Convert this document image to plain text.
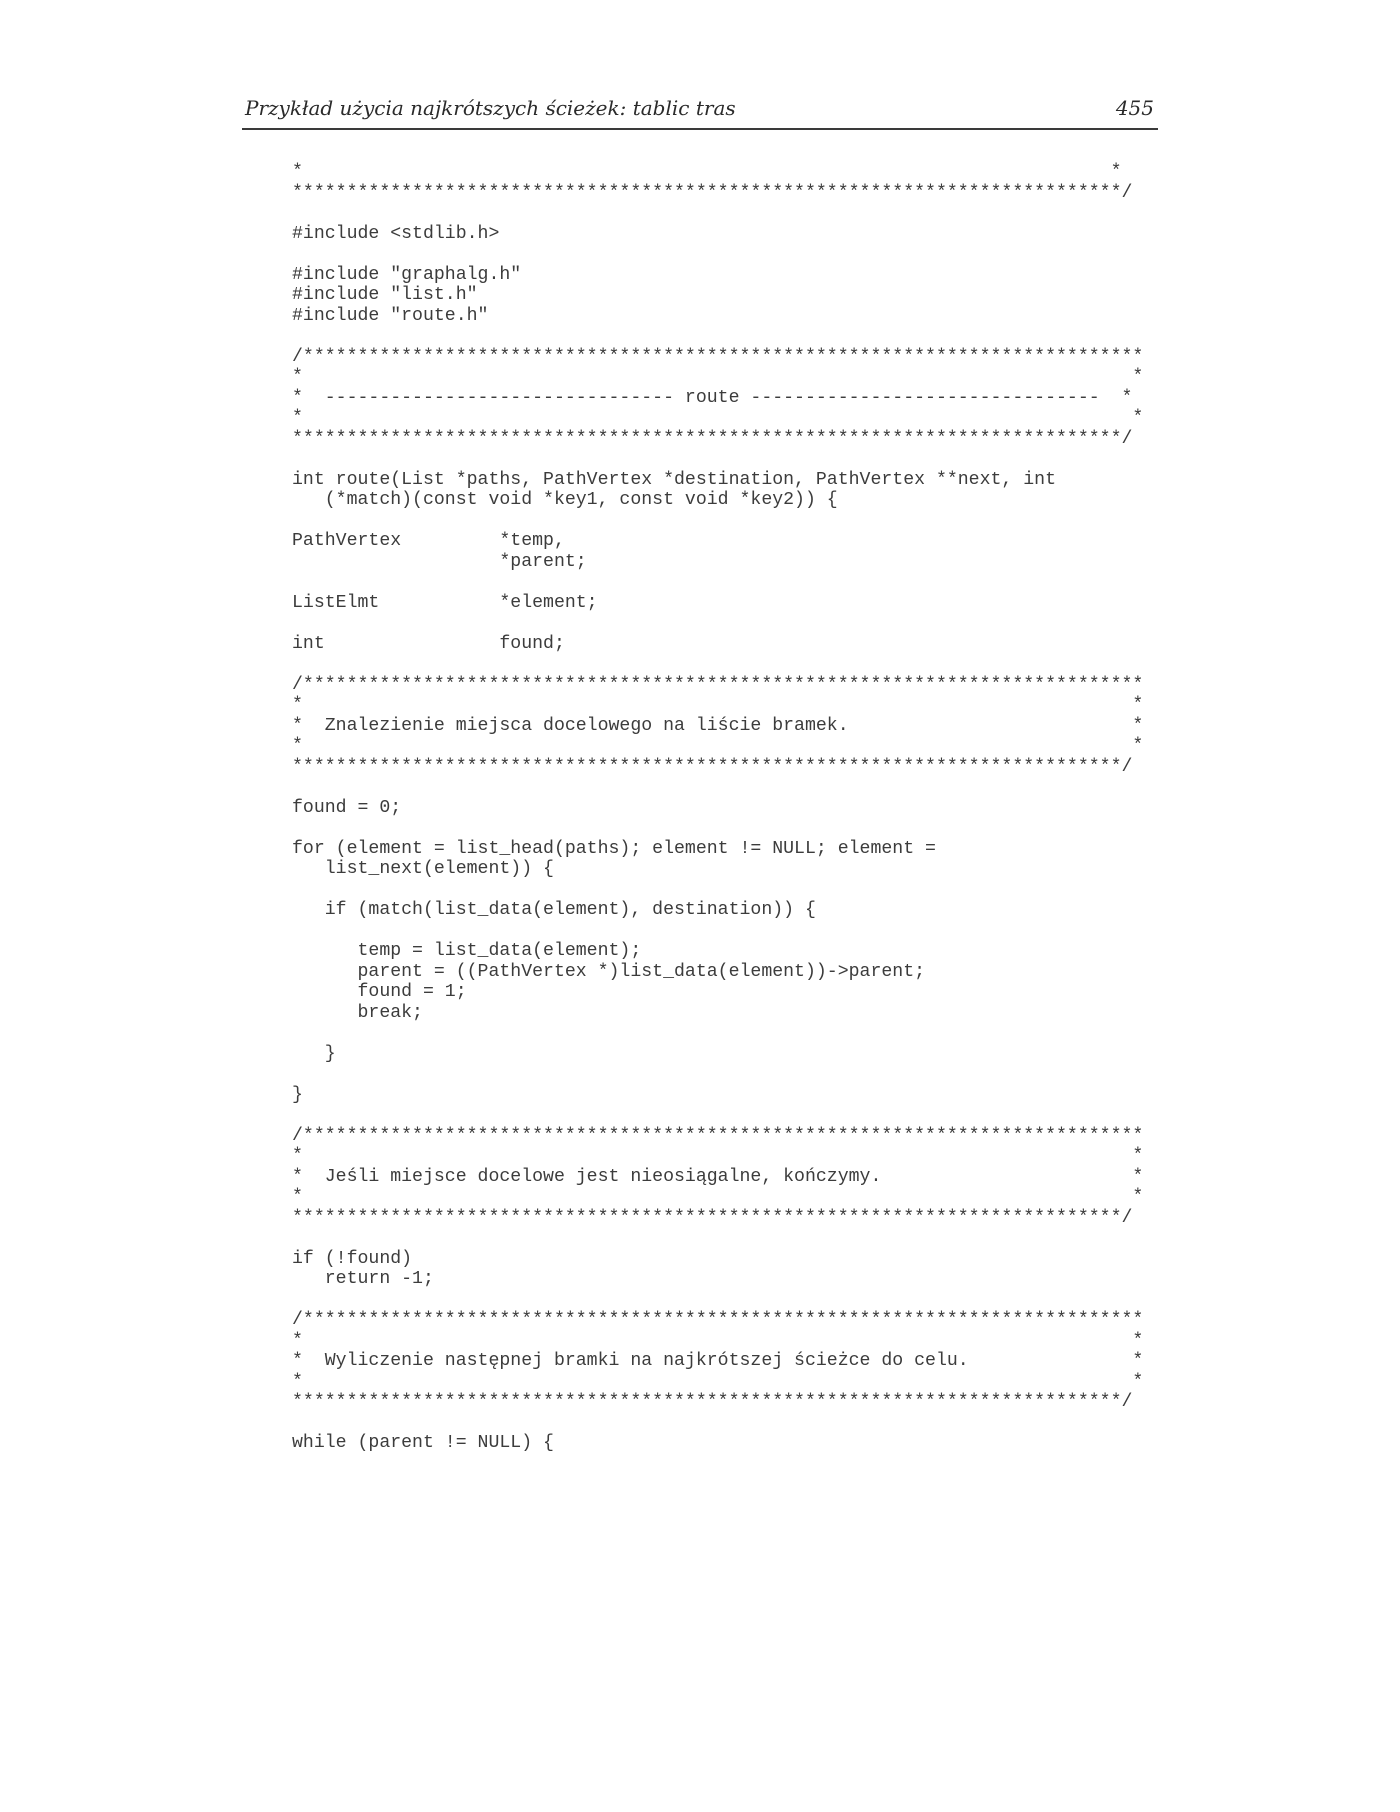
Przykład użycia najkrótszych ścieżek: tablic tras	455
*                                                                          *
****************************************************************************/
#include <stdlib.h>
#include "graphalg.h"
#include "list.h"
#include "route.h"
/*****************************************************************************
*                                                                            *
*  -------------------------------- route --------------------------------  *
*                                                                            *
****************************************************************************/
int route(List *paths, PathVertex *destination, PathVertex **next, int
(*match)(const void *key1, const void *key2)) {
PathVertex         *temp,
*parent;
ListElmt           *element;
int                found;
/*****************************************************************************
*                                                                            *
*  Znalezienie miejsca docelowego na liście bramek.                          *
*                                                                            *
****************************************************************************/
found = 0;
for (element = list_head(paths); element != NULL; element =
list_next(element)) {
if (match(list_data(element), destination)) {
temp = list_data(element);
parent = ((PathVertex *)list_data(element))->parent;
found = 1;
break;
}
}
/*****************************************************************************
*                                                                            *
*  Jeśli miejsce docelowe jest nieosiągalne, kończymy.                       *
*                                                                            *
****************************************************************************/
if (!found)
return -1;
/*****************************************************************************
*                                                                            *
*  Wyliczenie następnej bramki na najkrótszej ścieżce do celu.               *
*                                                                            *
****************************************************************************/
while (parent != NULL) {
